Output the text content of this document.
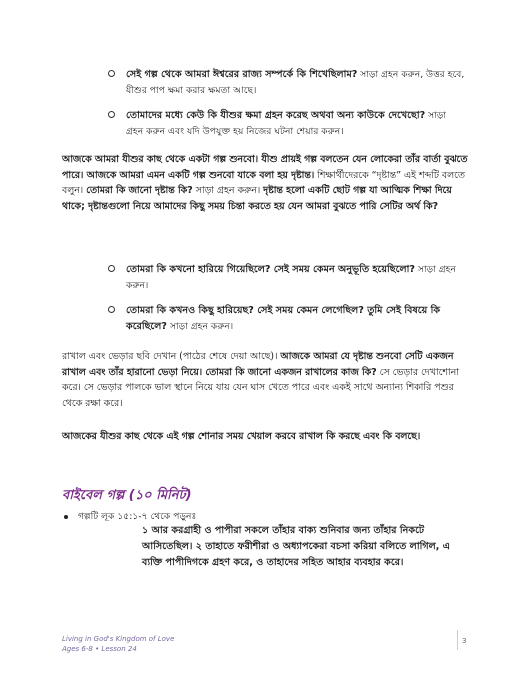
সেই গল্প থেকে আমরা ঈশ্বরের রাজ্য সম্পর্কে কি শিখেছিলাম? সাড়া গ্রহন করুন, উত্তর হবে, যীশুর পাপ ক্ষমা করার ক্ষমতা আছে।
তোমাদের মধ্যে কেউ কি যীশুর ক্ষমা গ্রহন করেছ অথবা অন্য কাউকে দেখেছো? সাড়া গ্রহন করুন এবং যদি উপযুক্ত হয় নিজের ঘটনা শেয়ার করুন।
আজকে আমরা যীশুর কাছ থেকে একটা গল্প শুনবো। যীশু প্রায়ই গল্প বলতেন যেন লোকেরা তাঁর বার্তা বুঝতে পারে। আজকে আমরা এমন একটি গল্প শুনবো যাকে বলা হয় দৃষ্টান্ত। শিক্ষার্থীদেরকে “দৃষ্টান্ত” এই শব্দটি বলতে বলুন। তোমরা কি জানো দৃষ্টান্ত কি? সাড়া গ্রহন করুন। দৃষ্টান্ত হলো একটি ছোট গল্প যা আত্মিক শিক্ষা দিয়ে থাকে; দৃষ্টান্তগুলো নিয়ে আমাদের কিছু সময় চিন্তা করতে হয় যেন আমরা বুঝতে পারি সেটির অর্থ কি?
তোমরা কি কখনো হারিয়ে গিয়েছিলে? সেই সময় কেমন অনুভূতি হয়েছিলো? সাড়া গ্রহন করুন।
তোমরা কি কখনও কিছু হারিয়েছ? সেই সময় কেমন লেগেছিল? তুমি সেই বিষয়ে কি করেছিলে? সাড়া গ্রহন করুন।
রাখাল এবং ভেড়ার ছবি দেখান (পাঠের শেষে দেয়া আছে)। আজকে আমরা যে দৃষ্টান্ত শুনবো সেটি একজন রাখাল এবং তাঁর হারানো ভেড়া নিয়ে। তোমরা কি জানো একজন রাখালের কাজ কি? সে ভেড়ার দেখাশোনা করে। সে ভেড়ার পালকে ভাল স্থানে নিয়ে যায় যেন ঘাস খেতে পারে এবং একই সাথে অন্যান্য শিকারি পশুর থেকে রক্ষা করে।
আজকের যীশুর কাছ থেকে এই গল্প শোনার সময় খেয়াল করবে রাখাল কি করছে এবং কি বলছে।
বাইবেল গল্প (১০ মিনিট)
গল্পটি লূক ১৫:১-৭ থেকে পড়ুনঃ
১ আর করগ্রাহী ও পাপীরা সকলে তাঁহার বাক্য শুনিবার জন্য তাঁহার নিকটে আসিতেছিল। ২ তাহাতে ফরীশীরা ও অধ্যাপকেরা বচসা করিয়া বলিতে লাগিল, এ ব্যক্তি পাপীদিগকে গ্রহণ করে, ও তাহাদের সহিত আহার ব্যবহার করে।
Living in God's Kingdom of Love
Ages 6-8 • Lesson 24
3
